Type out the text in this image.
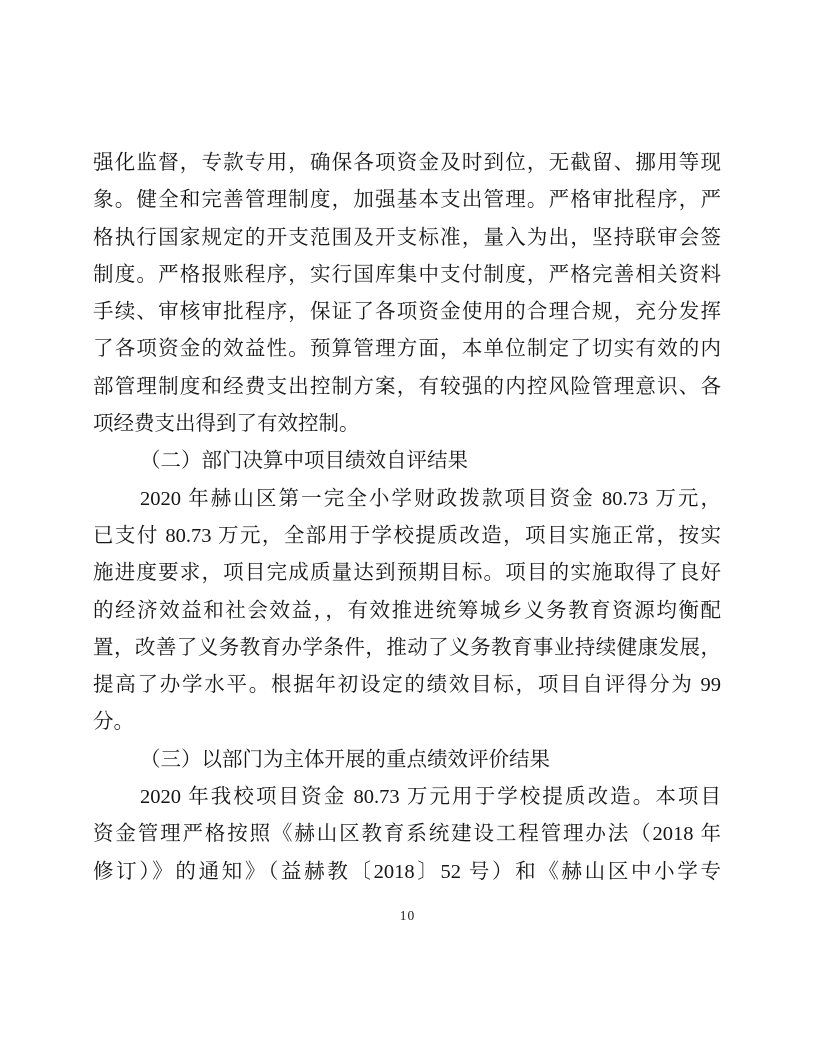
强化监督，专款专用，确保各项资金及时到位，无截留、挪用等现
象。健全和完善管理制度，加强基本支出管理。严格审批程序，严
格执行国家规定的开支范围及开支标准，量入为出，坚持联审会签
制度。严格报账程序，实行国库集中支付制度，严格完善相关资料
手续、审核审批程序，保证了各项资金使用的合理合规，充分发挥
了各项资金的效益性。预算管理方面，本单位制定了切实有效的内
部管理制度和经费支出控制方案，有较强的内控风险管理意识、各
项经费支出得到了有效控制。
（二）部门决算中项目绩效自评结果
2020 年赫山区第一完全小学财政拨款项目资金 80.73 万元，
已支付 80.73 万元，全部用于学校提质改造，项目实施正常，按实
施进度要求，项目完成质量达到预期目标。项目的实施取得了良好
的经济效益和社会效益，，有效推进统筹城乡义务教育资源均衡配
置，改善了义务教育办学条件，推动了义务教育事业持续健康发展，
提高了办学水平。根据年初设定的绩效目标，项目自评得分为 99
分。
（三）以部门为主体开展的重点绩效评价结果
2020 年我校项目资金 80.73 万元用于学校提质改造。本项目
资金管理严格按照《赫山区教育系统建设工程管理办法（2018 年
修订）》的通知》（益赫教〔2018〕52 号）和《赫山区中小学专
10
